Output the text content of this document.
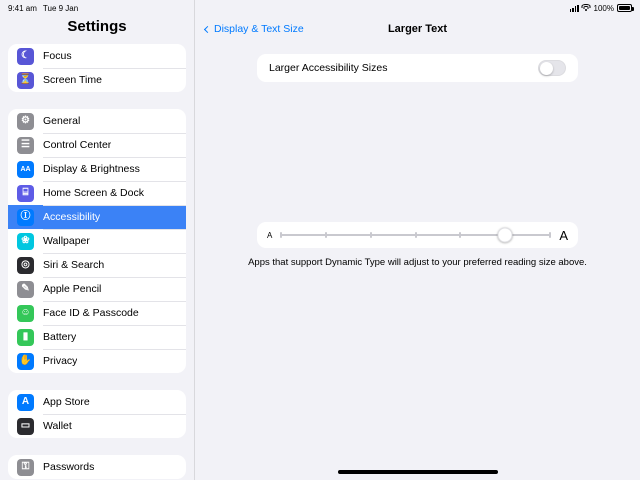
9:41 am Tue 9 Jan	100%
Settings
☾ Focus
⏳ Screen Time
⚙ General
☰ Control Center
AA Display & Brightness
⌸ Home Screen & Dock
Ⓘ Accessibility
❀ Wallpaper
◎ Siri & Search
✎ Apple Pencil
☺ Face ID & Passcode
▮ Battery
✋ Privacy
A App Store
▭ Wallet
⚿ Passwords
Display & Text Size	Larger Text
Larger Accessibility Sizes
A	A
Apps that support Dynamic Type will adjust to your preferred reading size above.
